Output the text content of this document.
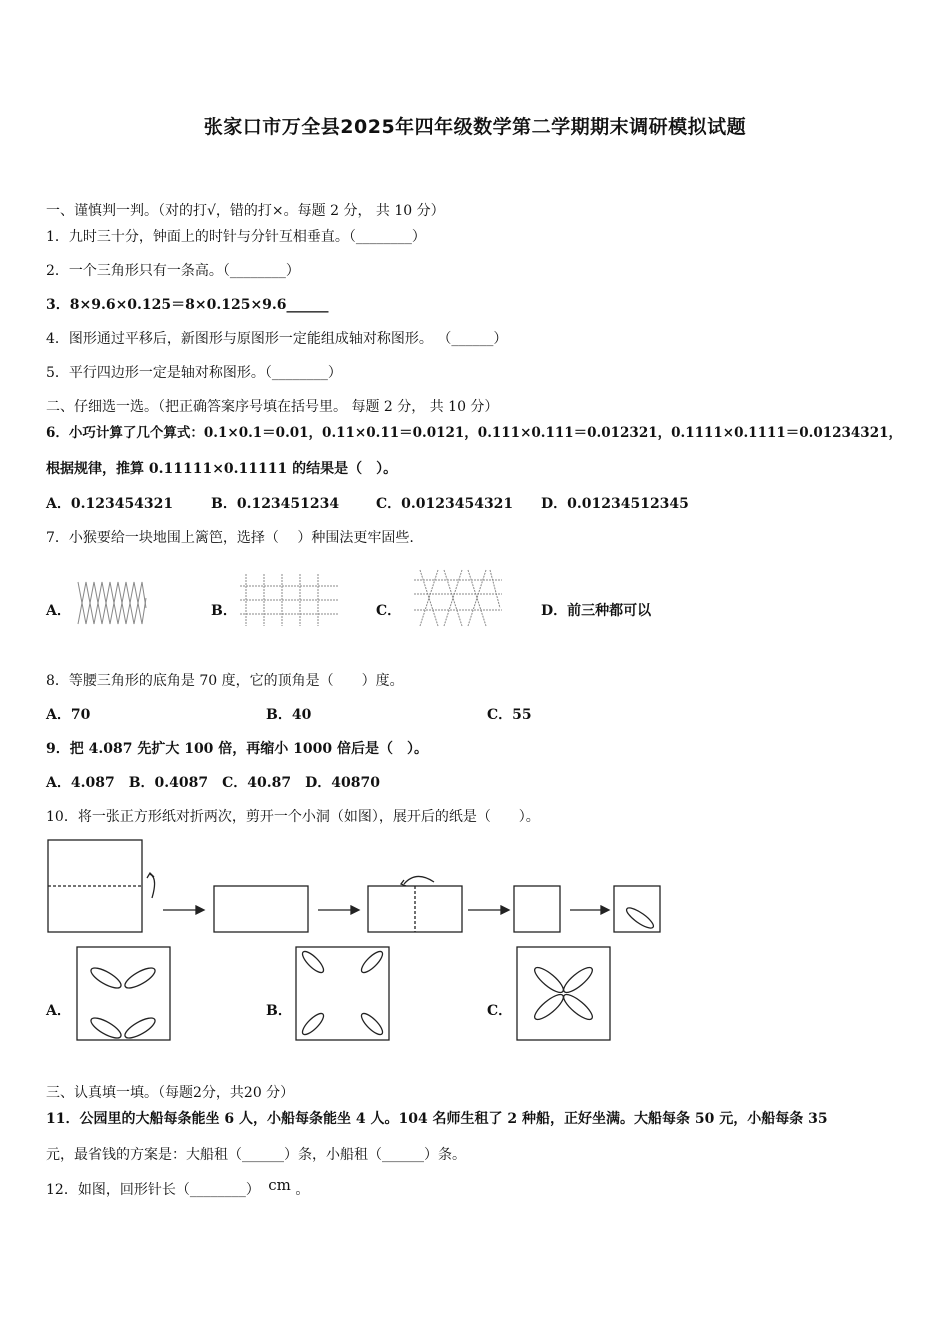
张家口市万全县2025年四年级数学第二学期期末调研模拟试题
一、谨慎判一判。（对的打√，错的打×。每题 2 分， 共 10 分）
1．九时三十分，钟面上的时针与分针互相垂直。（________）
2．一个三角形只有一条高。（________）
3．8×9.6×0.125＝8×0.125×9.6______
4．图形通过平移后，新图形与原图形一定能组成轴对称图形。 （______）
5．平行四边形一定是轴对称图形。（________）
二、仔细选一选。（把正确答案序号填在括号里。 每题 2 分， 共 10 分）
6．小巧计算了几个算式：0.1×0.1＝0.01，0.11×0.11＝0.0121，0.111×0.111＝0.012321，0.1111×0.1111＝0.01234321，
根据规律，推算 0.11111×0.11111 的结果是（　）。
A．0.123454321	B．0.123451234	C．0.0123454321 D．0.01234512345
7．小猴要给一块地围上篱笆，选择（　 ）种围法更牢固些.
A．	B．	C．	D．前三种都可以
8．等腰三角形的底角是 70 度，它的顶角是（　　）度。
A．70	B．40	C．55
9．把 4.087 先扩大 100 倍，再缩小 1000 倍后是（　）。
A．4.087　B．0.4087　C．40.87　D．40870
10．将一张正方形纸对折两次，剪开一个小洞（如图），展开后的纸是（　　）。
A．	B．	C．
三、认真填一填。（每题2分，共20 分）
11．公园里的大船每条能坐 6 人，小船每条能坐 4 人。104 名师生租了 2 种船，正好坐满。大船每条 50 元，小船每条 35
元，最省钱的方案是：大船租（______）条，小船租（______）条。
12．如图，回形针长（________） cm 。
